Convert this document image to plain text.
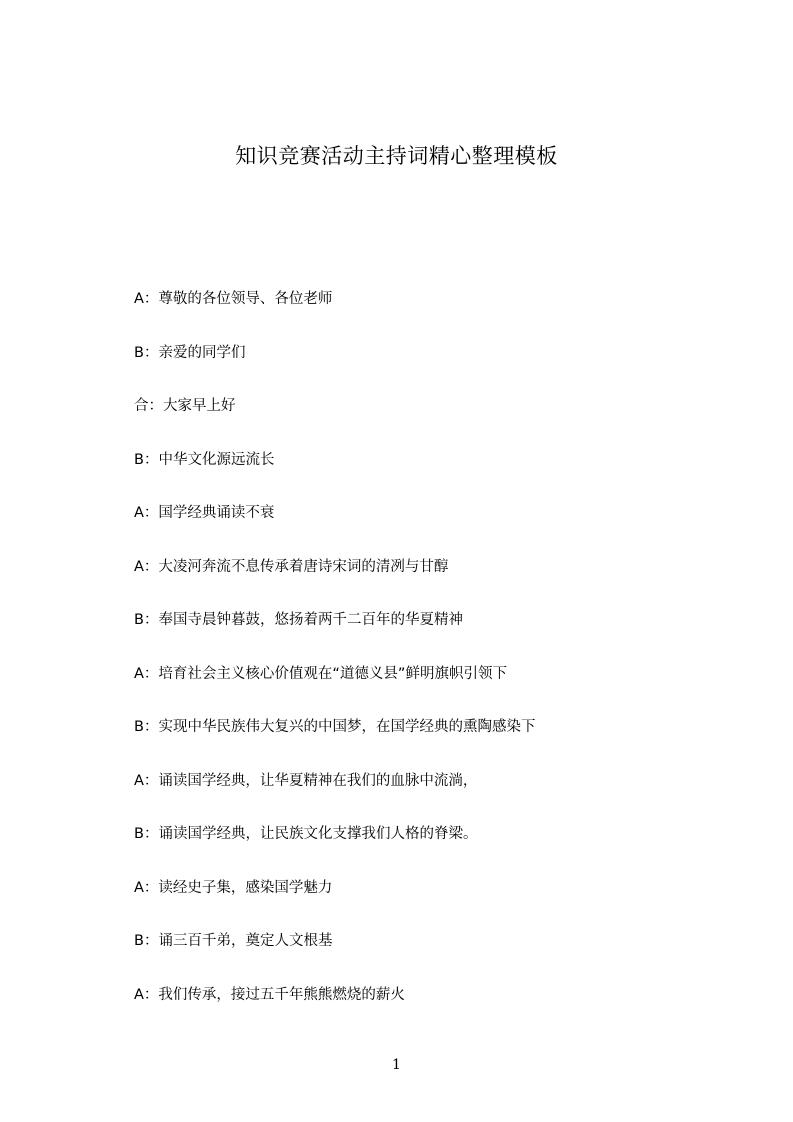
知识竞赛活动主持词精心整理模板
A：尊敬的各位领导、各位老师
B：亲爱的同学们
合：大家早上好
B：中华文化源远流长
A：国学经典诵读不衰
A：大凌河奔流不息传承着唐诗宋词的清冽与甘醇
B：奉国寺晨钟暮鼓，悠扬着两千二百年的华夏精神
A：培育社会主义核心价值观在“道德义县”鲜明旗帜引领下
B：实现中华民族伟大复兴的中国梦，在国学经典的熏陶感染下
A：诵读国学经典，让华夏精神在我们的血脉中流淌，
B：诵读国学经典，让民族文化支撑我们人格的脊梁。
A：读经史子集，感染国学魅力
B：诵三百千弟，奠定人文根基
A：我们传承，接过五千年熊熊燃烧的薪火
1
